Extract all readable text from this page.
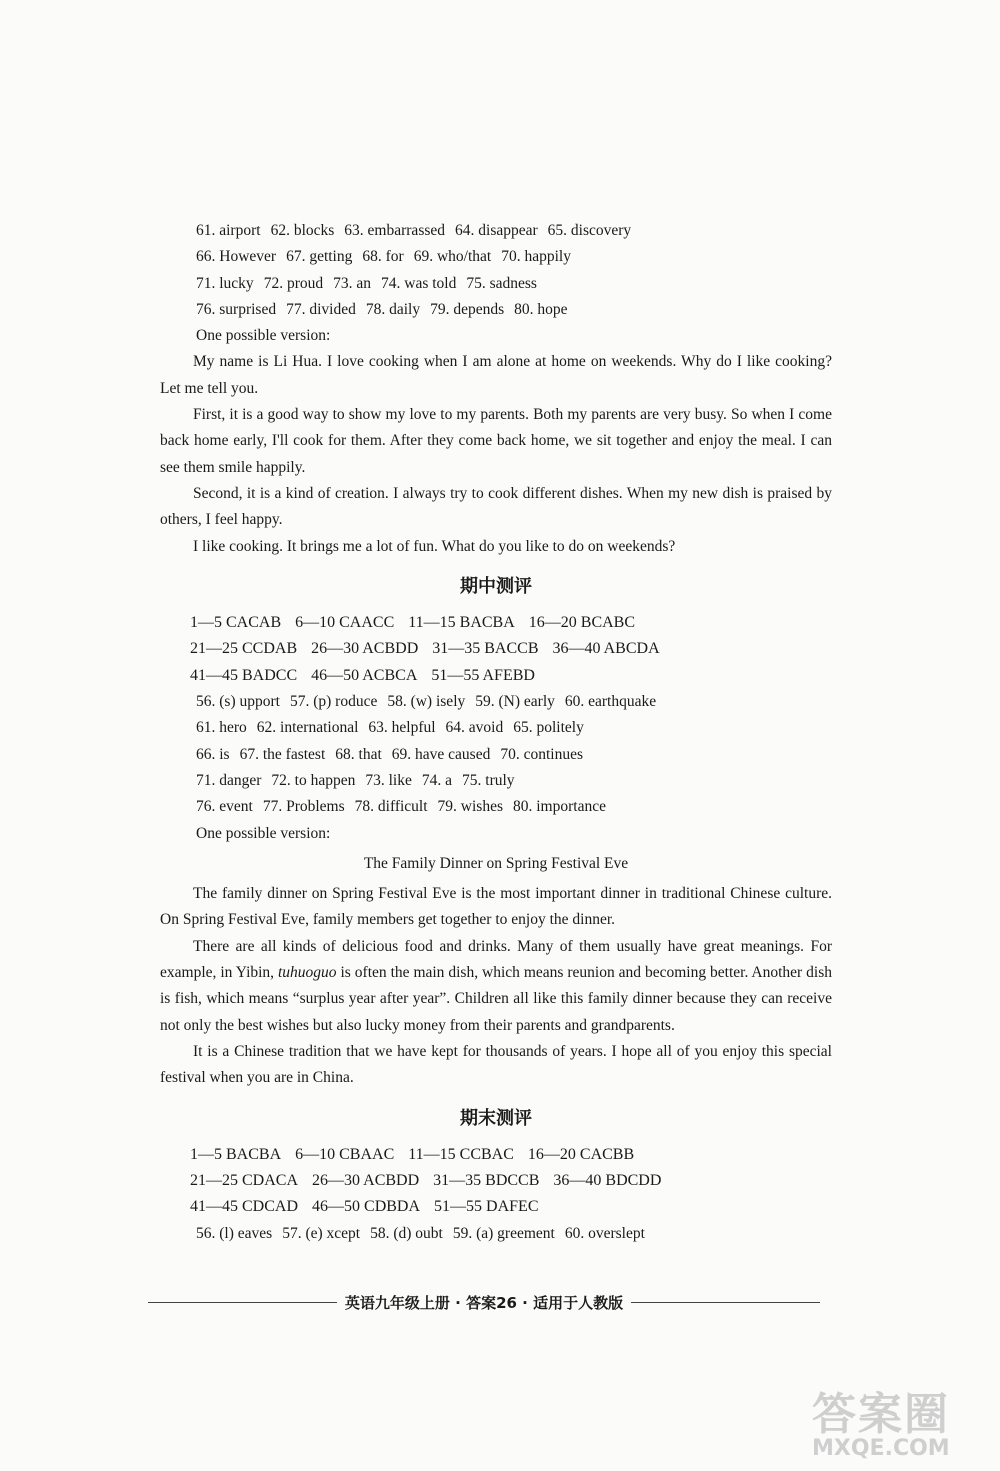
61. airport 62. blocks 63. embarrassed 64. disappear 65. discovery
66. However 67. getting 68. for 69. who/that 70. happily
71. lucky 72. proud 73. an 74. was told 75. sadness
76. surprised 77. divided 78. daily 79. depends 80. hope
One possible version:

My name is Li Hua. I love cooking when I am alone at home on weekends. Why do I like cooking? Let me tell you.

First, it is a good way to show my love to my parents. Both my parents are very busy. So when I come back home early, I'll cook for them. After they come back home, we sit together and enjoy the meal. I can see them smile happily.

Second, it is a kind of creation. I always try to cook different dishes. When my new dish is praised by others, I feel happy.

I like cooking. It brings me a lot of fun. What do you like to do on weekends?

期中测评
1—5 CACAB 6—10 CAACC 11—15 BACBA 16—20 BCABC
21—25 CCDAB 26—30 ACBDD 31—35 BACCB 36—40 ABCDA
41—45 BADCC 46—50 ACBCA 51—55 AFEBD
56. (s) upport 57. (p) roduce 58. (w) isely 59. (N) early 60. earthquake
61. hero 62. international 63. helpful 64. avoid 65. politely
66. is 67. the fastest 68. that 69. have caused 70. continues
71. danger 72. to happen 73. like 74. a 75. truly
76. event 77. Problems 78. difficult 79. wishes 80. importance
One possible version:
The Family Dinner on Spring Festival Eve

The family dinner on Spring Festival Eve is the most important dinner in traditional Chinese culture. On Spring Festival Eve, family members get together to enjoy the dinner.

There are all kinds of delicious food and drinks. Many of them usually have great meanings. For example, in Yibin, tuhuoguo is often the main dish, which means reunion and becoming better. Another dish is fish, which means “surplus year after year”. Children all like this family dinner because they can receive not only the best wishes but also lucky money from their parents and grandparents.

It is a Chinese tradition that we have kept for thousands of years. I hope all of you enjoy this special festival when you are in China.

期末测评
1—5 BACBA 6—10 CBAAC 11—15 CCBAC 16—20 CACBB
21—25 CDACA 26—30 ACBDD 31—35 BDCCB 36—40 BDCDD
41—45 CDCAD 46—50 CDBDA 51—55 DAFEC
56. (l) eaves 57. (e) xcept 58. (d) oubt 59. (a) greement 60. overslept
英语九年级上册 · 答案26 · 适用于人教版
答案圈
MXQE.COM
